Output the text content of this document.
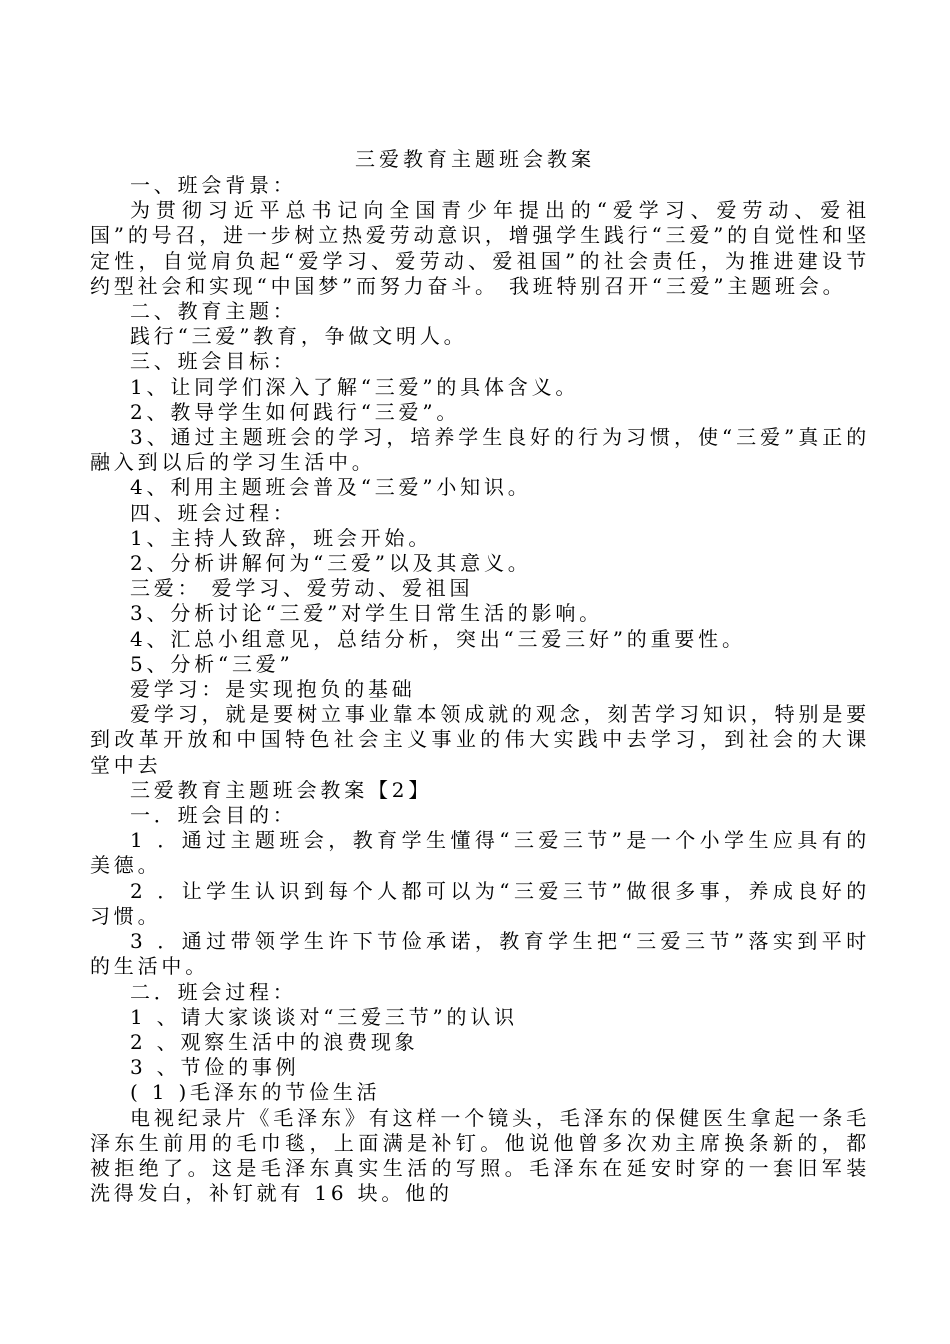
三爱教育主题班会教案

一、班会背景：

为贯彻习近平总书记向全国青少年提出的“爱学习、爱劳动、爱祖国”的号召，进一步树立热爱劳动意识，增强学生践行“三爱”的自觉性和坚定性，自觉肩负起“爱学习、爱劳动、爱祖国”的社会责任，为推进建设节约型社会和实现“中国梦”而努力奋斗。 我班特别召开“三爱”主题班会。

二、教育主题：

践行“三爱”教育，争做文明人。

三、班会目标：

1、让同学们深入了解“三爱”的具体含义。

2、教导学生如何践行“三爱”。

3、通过主题班会的学习，培养学生良好的行为习惯，使“三爱”真正的融入到以后的学习生活中。

4、利用主题班会普及“三爱”小知识。

四、班会过程：

1、主持人致辞，班会开始。

2、分析讲解何为“三爱”以及其意义。

三爱： 爱学习、爱劳动、爱祖国

3、分析讨论“三爱”对学生日常生活的影响。

4、汇总小组意见，总结分析，突出“三爱三好”的重要性。

5、分析“三爱”

爱学习：是实现抱负的基础

爱学习，就是要树立事业靠本领成就的观念，刻苦学习知识，特别是要到改革开放和中国特色社会主义事业的伟大实践中去学习，到社会的大课堂中去

三爱教育主题班会教案【2】

一．班会目的：

1 ．通过主题班会，教育学生懂得“三爱三节”是一个小学生应具有的美德。

2 ．让学生认识到每个人都可以为“三爱三节”做很多事，养成良好的习惯。

3 ．通过带领学生许下节俭承诺，教育学生把“三爱三节”落实到平时的生活中。

二．班会过程：

1 、请大家谈谈对“三爱三节”的认识

2 、观察生活中的浪费现象

3 、节俭的事例

( 1 )毛泽东的节俭生活

电视纪录片《毛泽东》有这样一个镜头，毛泽东的保健医生拿起一条毛泽东生前用的毛巾毯，上面满是补钉。他说他曾多次劝主席换条新的，都被拒绝了。这是毛泽东真实生活的写照。毛泽东在延安时穿的一套旧军装洗得发白，补钉就有 16 块。他的
